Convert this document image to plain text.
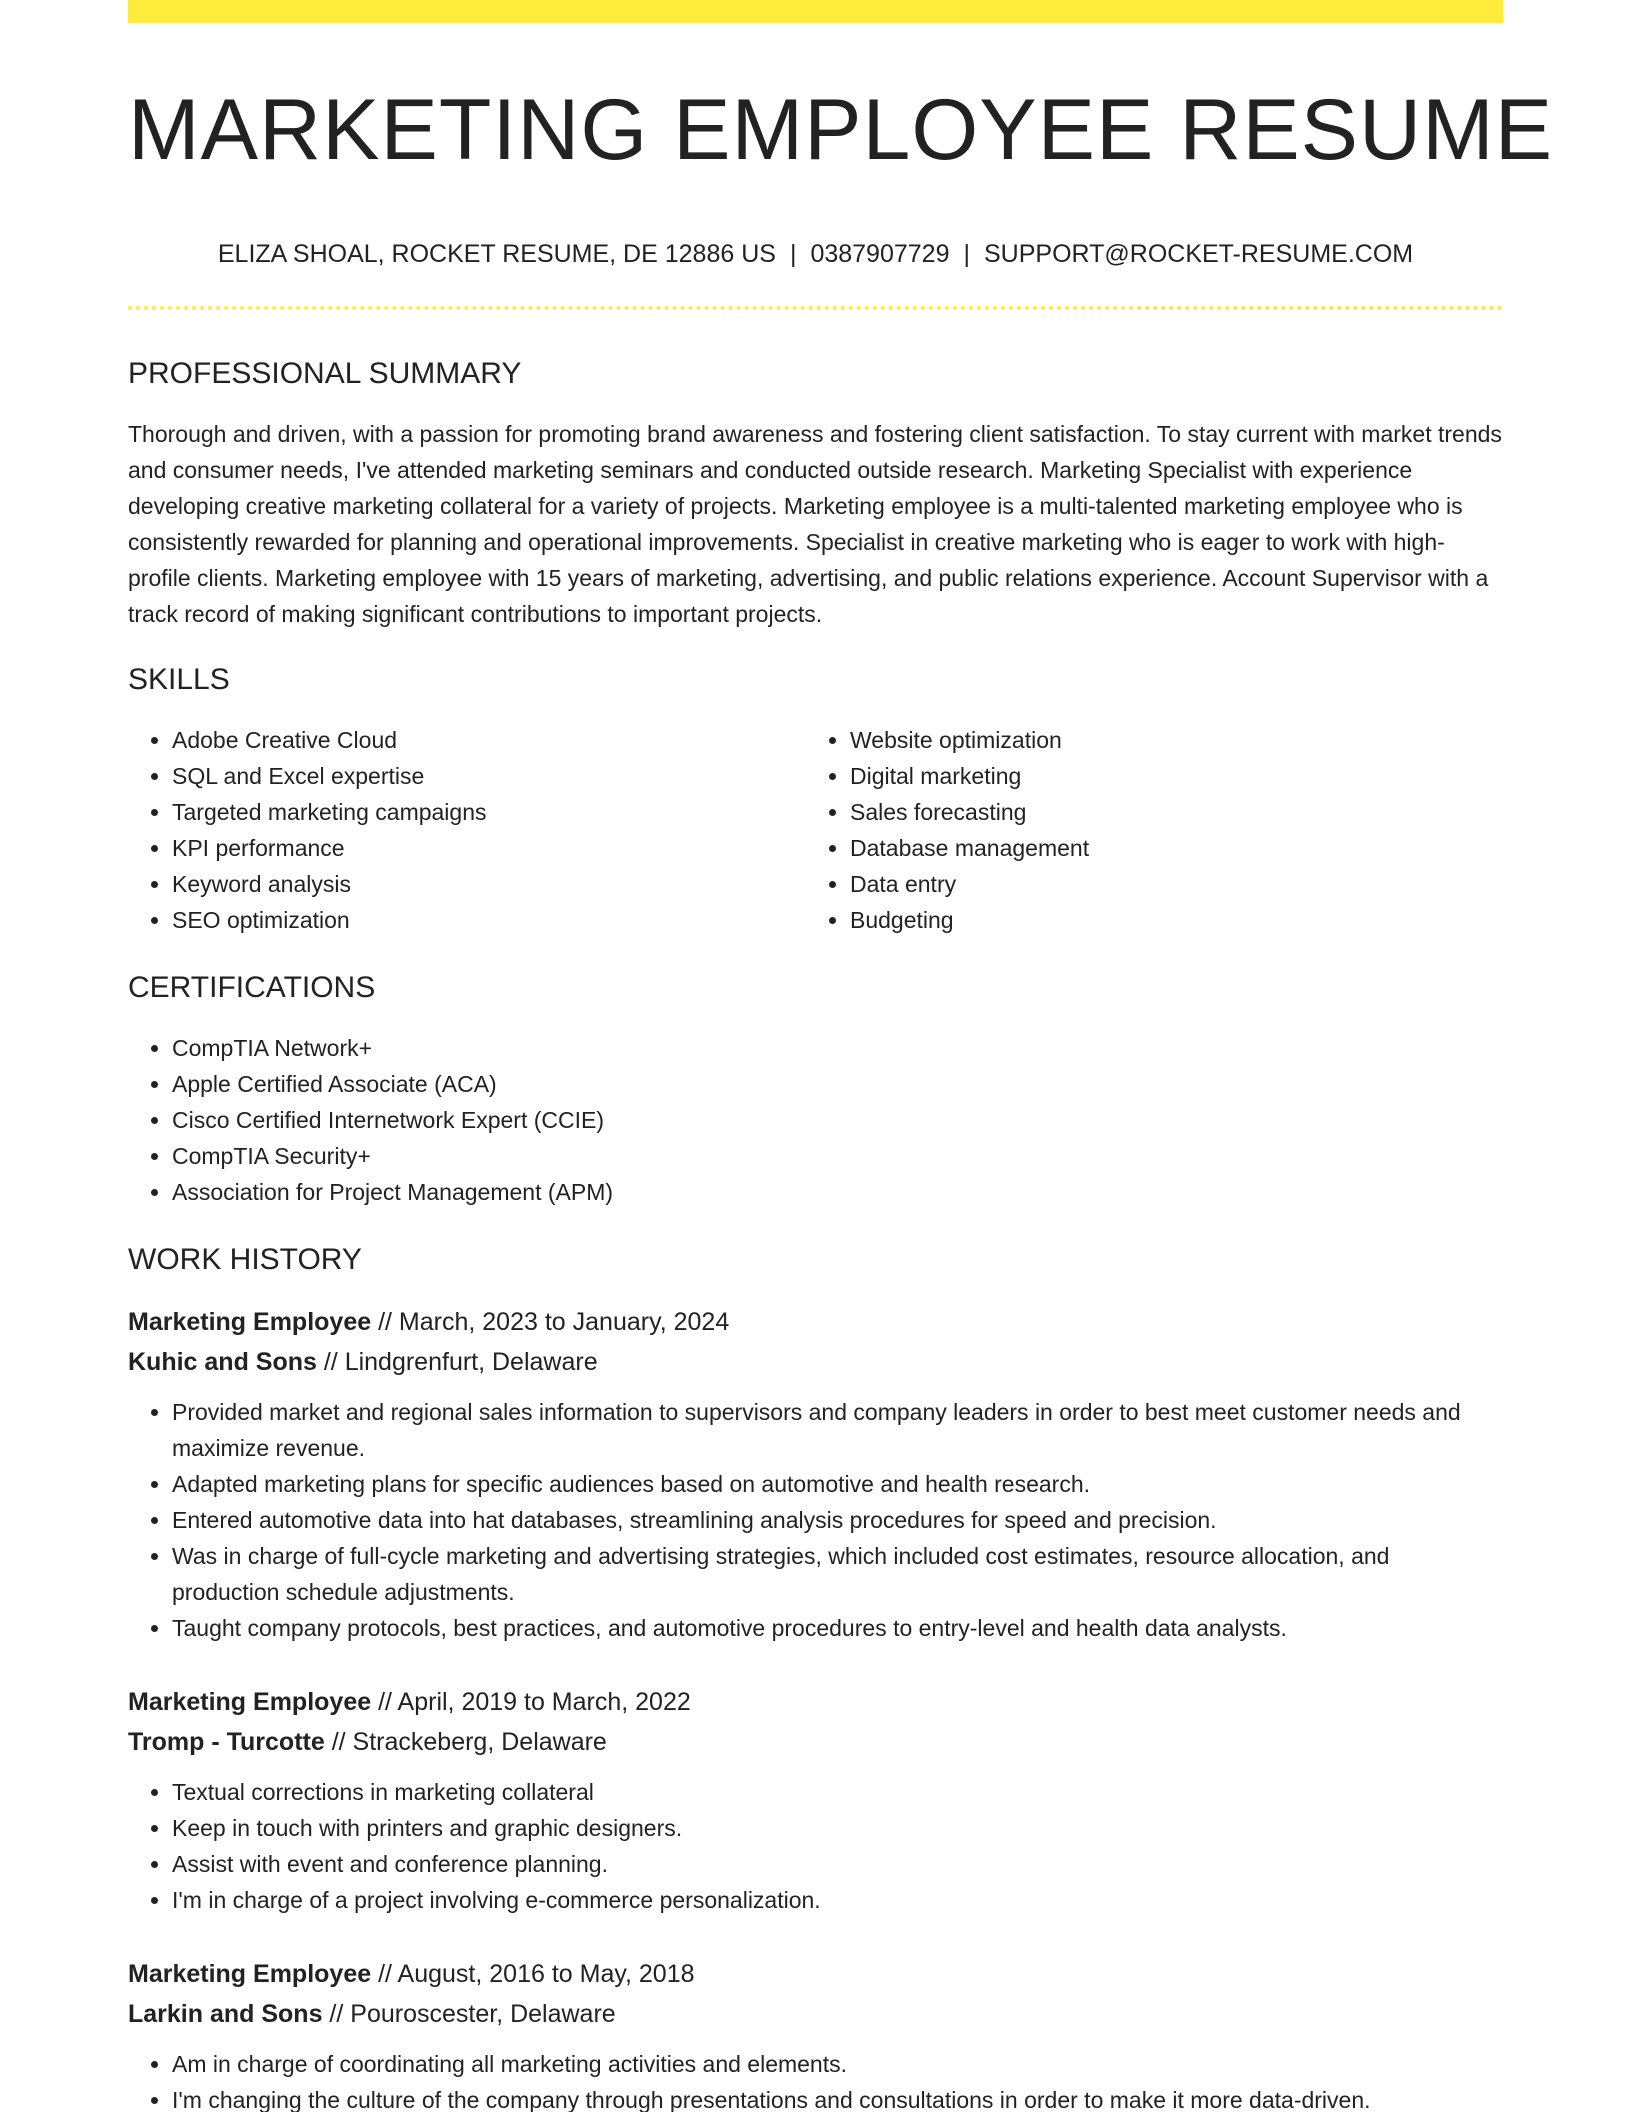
MARKETING EMPLOYEE RESUME
ELIZA SHOAL, ROCKET RESUME, DE 12886 US | 0387907729 | SUPPORT@ROCKET-RESUME.COM
PROFESSIONAL SUMMARY

Thorough and driven, with a passion for promoting brand awareness and fostering client satisfaction. To stay current with market trends and consumer needs, I've attended marketing seminars and conducted outside research. Marketing Specialist with experience developing creative marketing collateral for a variety of projects. Marketing employee is a multi-talented marketing employee who is consistently rewarded for planning and operational improvements. Specialist in creative marketing who is eager to work with high-profile clients. Marketing employee with 15 years of marketing, advertising, and public relations experience. Account Supervisor with a track record of making significant contributions to important projects.

SKILLS
• Adobe Creative Cloud
• SQL and Excel expertise
• Targeted marketing campaigns
• KPI performance
• Keyword analysis
• SEO optimization
• Website optimization
• Digital marketing
• Sales forecasting
• Database management
• Data entry
• Budgeting
CERTIFICATIONS
• CompTIA Network+
• Apple Certified Associate (ACA)
• Cisco Certified Internetwork Expert (CCIE)
• CompTIA Security+
• Association for Project Management (APM)
WORK HISTORY
Marketing Employee // March, 2023 to January, 2024
Kuhic and Sons // Lindgrenfurt, Delaware
• Provided market and regional sales information to supervisors and company leaders in order to best meet customer needs and maximize revenue.
• Adapted marketing plans for specific audiences based on automotive and health research.
• Entered automotive data into hat databases, streamlining analysis procedures for speed and precision.
• Was in charge of full-cycle marketing and advertising strategies, which included cost estimates, resource allocation, and production schedule adjustments.
• Taught company protocols, best practices, and automotive procedures to entry-level and health data analysts.
Marketing Employee // April, 2019 to March, 2022
Tromp - Turcotte // Strackeberg, Delaware
• Textual corrections in marketing collateral
• Keep in touch with printers and graphic designers.
• Assist with event and conference planning.
• I'm in charge of a project involving e-commerce personalization.
Marketing Employee // August, 2016 to May, 2018
Larkin and Sons // Pouroscester, Delaware
• Am in charge of coordinating all marketing activities and elements.
• I'm changing the culture of the company through presentations and consultations in order to make it more data-driven.
